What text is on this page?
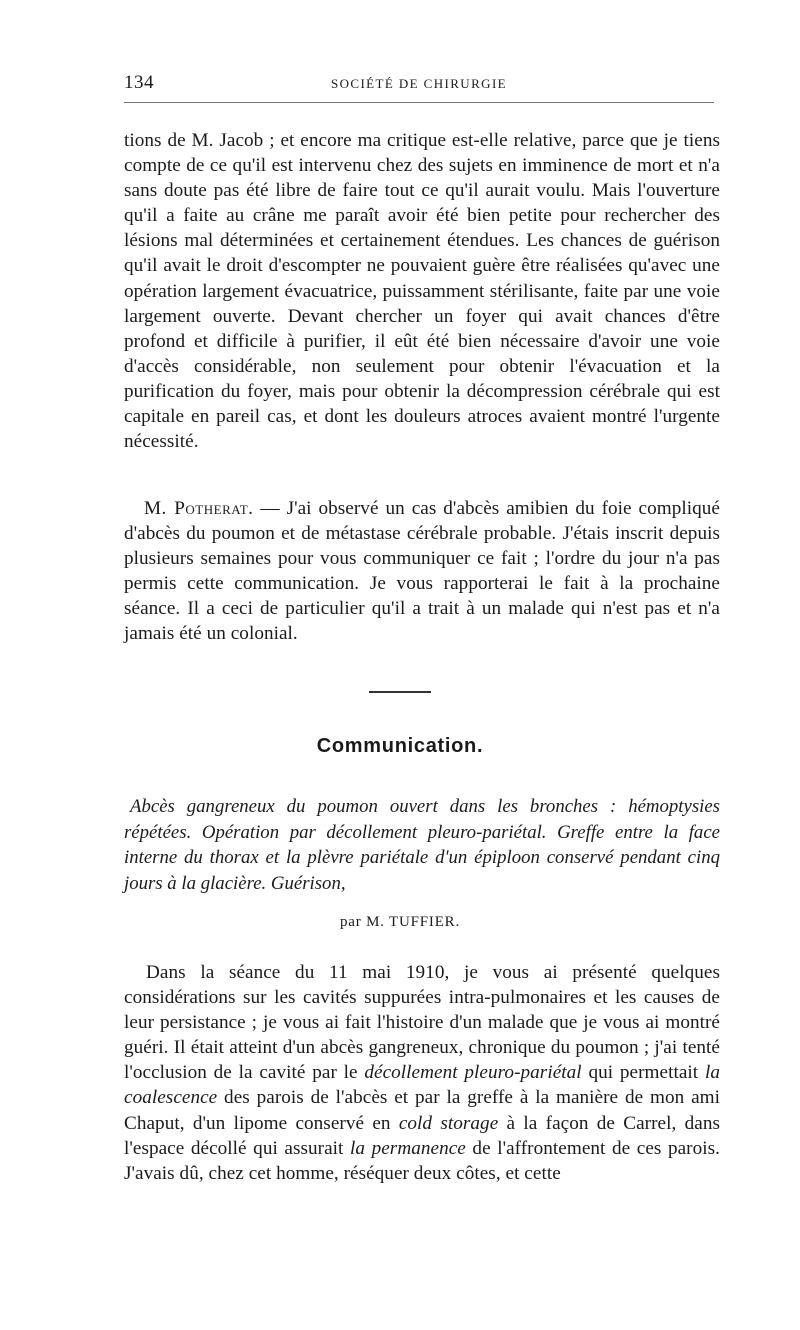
134	SOCIÉTÉ DE CHIRURGIE

tions de M. Jacob ; et encore ma critique est-elle relative, parce que je tiens compte de ce qu'il est intervenu chez des sujets en imminence de mort et n'a sans doute pas été libre de faire tout ce qu'il aurait voulu. Mais l'ouverture qu'il a faite au crâne me paraît avoir été bien petite pour rechercher des lésions mal déterminées et certainement étendues. Les chances de guérison qu'il avait le droit d'escompter ne pouvaient guère être réalisées qu'avec une opération largement évacuatrice, puissamment stérilisante, faite par une voie largement ouverte. Devant chercher un foyer qui avait chances d'être profond et difficile à purifier, il eût été bien nécessaire d'avoir une voie d'accès considérable, non seulement pour obtenir l'évacuation et la purification du foyer, mais pour obtenir la décompression cérébrale qui est capitale en pareil cas, et dont les douleurs atroces avaient montré l'urgente nécessité.

M. Potherat. — J'ai observé un cas d'abcès amibien du foie compliqué d'abcès du poumon et de métastase cérébrale probable. J'étais inscrit depuis plusieurs semaines pour vous communiquer ce fait ; l'ordre du jour n'a pas permis cette communication. Je vous rapporterai le fait à la prochaine séance. Il a ceci de particulier qu'il a trait à un malade qui n'est pas et n'a jamais été un colonial.

Communication.

Abcès gangreneux du poumon ouvert dans les bronches : hémoptysies répétées. Opération par décollement pleuro-pariétal. Greffe entre la face interne du thorax et la plèvre pariétale d'un épiploon conservé pendant cinq jours à la glacière. Guérison,

par M. TUFFIER.

Dans la séance du 11 mai 1910, je vous ai présenté quelques considérations sur les cavités suppurées intra-pulmonaires et les causes de leur persistance ; je vous ai fait l'histoire d'un malade que je vous ai montré guéri. Il était atteint d'un abcès gangreneux, chronique du poumon ; j'ai tenté l'occlusion de la cavité par le décollement pleuro-pariétal qui permettait la coalescence des parois de l'abcès et par la greffe à la manière de mon ami Chaput, d'un lipome conservé en cold storage à la façon de Carrel, dans l'espace décollé qui assurait la permanence de l'affrontement de ces parois. J'avais dû, chez cet homme, réséquer deux côtes, et cette
